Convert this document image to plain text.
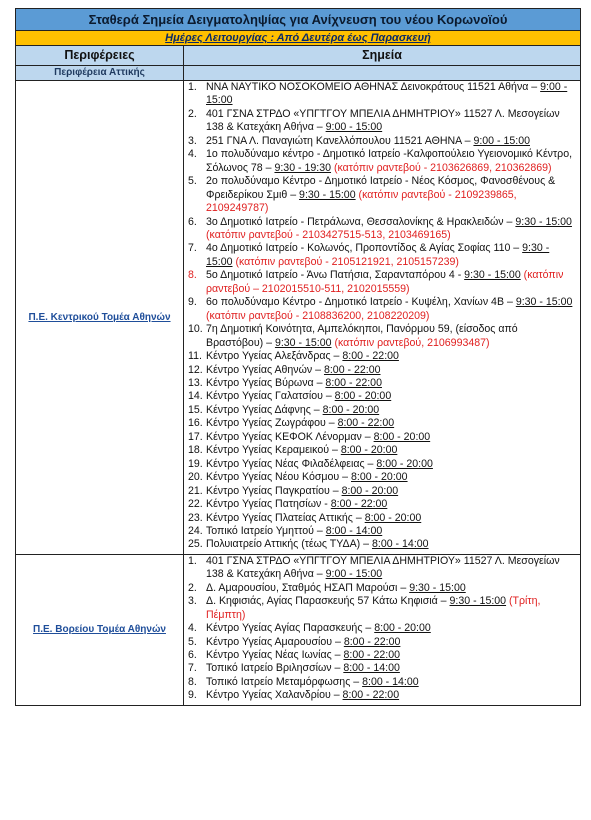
Σταθερά Σημεία Δειγματοληψίας για Ανίχνευση του νέου Κορωνοϊού
Ημέρες Λειτουργίας : Από Δευτέρα έως Παρασκευή
Περιφέρειες	Σημεία
Περιφέρεια Αττικής
Π.Ε. Κεντρικού Τομέα Αθηνών
1. ΝΝΑ ΝΑΥΤΙΚΟ ΝΟΣΟΚΟΜΕΙΟ ΑΘΗΝΑΣ Δεινοκράτους 11521 Αθήνα – 9:00 - 15:00
2. 401 ΓΣΝΑ ΣΤΡΔΟ «ΥΠΓΤΓΟΥ ΜΠΕΛΙΑ ΔΗΜΗΤΡΙΟΥ» 11527 Λ. Μεσογείων 138 & Κατεχάκη Αθήνα – 9:00 - 15:00
3. 251 ΓΝΑ Λ. Παναγιώτη Κανελλόπουλου 11521 ΑΘΗΝΑ – 9:00 - 15:00
4. 1ο πολυδύναμο κέντρο - Δημοτικό Ιατρείο -Καλφοπούλειο Υγειονομικό Κέντρο, Σόλωνος 78 – 9:30 - 19:30 (κατόπιν ραντεβού - 2103626869, 210362869)
5. 2ο πολυδύναμο Κέντρο - Δημοτικό Ιατρείο - Νέος Κόσμος, Φανοσθένους & Φρειδερίκου Σμιθ – 9:30 - 15:00 (κατόπιν ραντεβού - 2109239865, 2109249787)
6. 3ο Δημοτικό Ιατρείο - Πετράλωνα, Θεσσαλονίκης & Ηρακλειδών – 9:30 - 15:00 (κατόπιν ραντεβού - 2103427515-513, 2103469165)
7. 4ο Δημοτικό Ιατρείο - Κολωνός, Προποντίδος & Αγίας Σοφίας 110 – 9:30 - 15:00 (κατόπιν ραντεβού - 2105121921, 2105157239)
8. 5ο Δημοτικό Ιατρείο - Άνω Πατήσια, Σαρανταπόρου 4 - 9:30 - 15:00 (κατόπιν ραντεβού – 2102015510-511, 2102015559)
9. 6ο πολυδύναμο Κέντρο - Δημοτικό Ιατρείο - Κυψέλη, Χανίων 4Β – 9:30 - 15:00 (κατόπιν ραντεβού - 2108836200, 2108220209)
10. 7η Δημοτική Κοινότητα, Αμπελόκηποι, Πανόρμου 59, (είσοδος από Βραστόβου) – 9:30 - 15:00 (κατόπιν ραντεβού, 2106993487)
11. Κέντρο Υγείας Αλεξάνδρας – 8:00 - 22:00
12. Κέντρο Υγείας Αθηνών – 8:00 - 22:00
13. Κέντρο Υγείας Βύρωνα – 8:00 - 22:00
14. Κέντρο Υγείας Γαλατσίου – 8:00 - 20:00
15. Κέντρο Υγείας Δάφνης – 8:00 - 20:00
16. Κέντρο Υγείας Ζωγράφου – 8:00 - 22:00
17. Κέντρο Υγείας ΚΕΦΟΚ Λένορμαν – 8:00 - 20:00
18. Κέντρο Υγείας Κεραμεικού – 8:00 - 20:00
19. Κέντρο Υγείας Νέας Φιλαδέλφειας – 8:00 - 20:00
20. Κέντρο Υγείας Νέου Κόσμου – 8:00 - 20:00
21. Κέντρο Υγείας Παγκρατίου – 8:00 - 20:00
22. Κέντρο Υγείας Πατησίων - 8:00 - 22:00
23. Κέντρο Υγείας Πλατείας Αττικής – 8:00 - 20:00
24. Τοπικό Ιατρείο Υμηττού – 8:00 - 14:00
25. Πολυιατρείο Αττικής (τέως ΤΥΔΑ) – 8:00 - 14:00
Π.Ε. Βορείου Τομέα Αθηνών
1. 401 ΓΣΝΑ ΣΤΡΔΟ «ΥΠΓΤΓΟΥ ΜΠΕΛΙΑ ΔΗΜΗΤΡΙΟΥ» 11527 Λ. Μεσογείων 138 & Κατεχάκη Αθήνα – 9:00 - 15:00
2. Δ. Αμαρουσίου, Σταθμός ΗΣΑΠ Μαρούσι – 9:30 - 15:00
3. Δ. Κηφισιάς, Αγίας Παρασκευής 57 Κάτω Κηφισιά – 9:30 - 15:00 (Τρίτη, Πέμπτη)
4. Κέντρο Υγείας Αγίας Παρασκευής – 8:00 - 20:00
5. Κέντρο Υγείας Αμαρουσίου – 8:00 - 22:00
6. Κέντρο Υγείας Νέας Ιωνίας – 8:00 - 22:00
7. Τοπικό Ιατρείο Βριλησσίων – 8:00 - 14:00
8. Τοπικό Ιατρείο Μεταμόρφωσης – 8:00 - 14:00
9. Κέντρο Υγείας Χαλανδρίου – 8:00 - 22:00
